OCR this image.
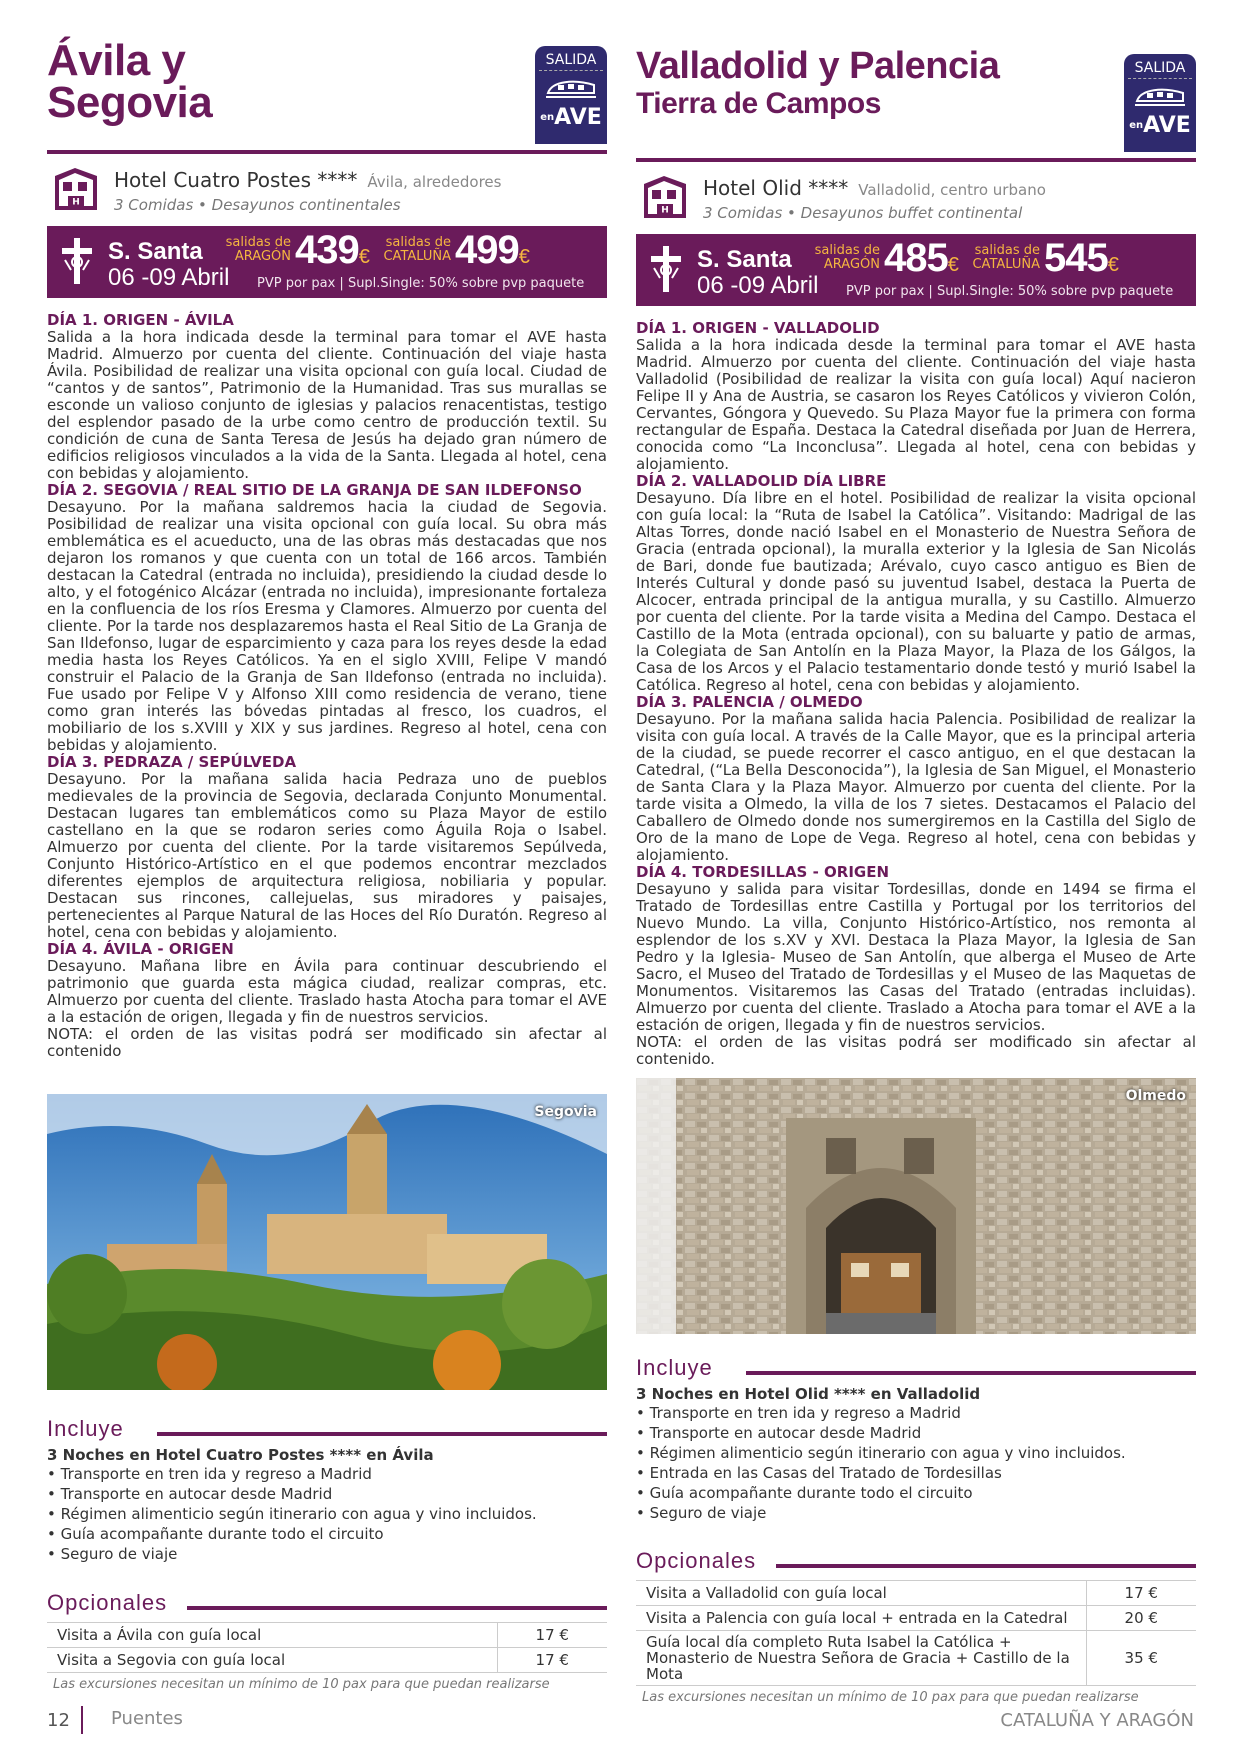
Ávila y
Segovia
SALIDA
$^{en}$AVE
H
Hotel Cuatro Postes **** Ávila, alrededores
3 Comidas • Desayunos continentales
S. Santa
06 -09 Abril
salidas de
ARAGÓN 439€
salidas de
CATALUÑA 499€
PVP por pax | Supl.Single: 50% sobre pvp paquete
DÍA 1. ORIGEN - ÁVILA
Salida a la hora indicada desde la terminal para tomar el AVE hasta Madrid. Almuerzo por cuenta del cliente. Continuación del viaje hasta Ávila. Posibilidad de realizar una visita opcional con guía local. Ciudad de “cantos y de santos”, Patrimonio de la Humanidad. Tras sus murallas se esconde un valioso conjunto de iglesias y palacios renacentistas, testigo del esplendor pasado de la urbe como centro de producción textil. Su condición de cuna de Santa Teresa de Jesús ha dejado gran número de edificios religiosos vinculados a la vida de la Santa. Llegada al hotel, cena con bebidas y alojamiento.
DÍA 2. SEGOVIA / REAL SITIO DE LA GRANJA DE SAN ILDEFONSO
Desayuno. Por la mañana saldremos hacia la ciudad de Segovia. Posibilidad de realizar una visita opcional con guía local. Su obra más emblemática es el acueducto, una de las obras más destacadas que nos dejaron los romanos y que cuenta con un total de 166 arcos. También destacan la Catedral (entrada no incluida), presidiendo la ciudad desde lo alto, y el fotogénico Alcázar (entrada no incluida), impresionante fortaleza en la confluencia de los ríos Eresma y Clamores. Almuerzo por cuenta del cliente. Por la tarde nos desplazaremos hasta el Real Sitio de La Granja de San Ildefonso, lugar de esparcimiento y caza para los reyes desde la edad media hasta los Reyes Católicos. Ya en el siglo XVIII, Felipe V mandó construir el Palacio de la Granja de San Ildefonso (entrada no incluida). Fue usado por Felipe V y Alfonso XIII como residencia de verano, tiene como gran interés las bóvedas pintadas al fresco, los cuadros, el mobiliario de los s.XVIII y XIX y sus jardines. Regreso al hotel, cena con bebidas y alojamiento.
DÍA 3. PEDRAZA / SEPÚLVEDA
Desayuno. Por la mañana salida hacia Pedraza uno de pueblos medievales de la provincia de Segovia, declarada Conjunto Monumental. Destacan lugares tan emblemáticos como su Plaza Mayor de estilo castellano en la que se rodaron series como Águila Roja o Isabel. Almuerzo por cuenta del cliente. Por la tarde visitaremos Sepúlveda, Conjunto Histórico-Artístico en el que podemos encontrar mezclados diferentes ejemplos de arquitectura religiosa, nobiliaria y popular. Destacan sus rincones, callejuelas, sus miradores y paisajes, pertenecientes al Parque Natural de las Hoces del Río Duratón. Regreso al hotel, cena con bebidas y alojamiento.
DÍA 4. ÁVILA - ORIGEN
Desayuno. Mañana libre en Ávila para continuar descubriendo el patrimonio que guarda esta mágica ciudad, realizar compras, etc. Almuerzo por cuenta del cliente. Traslado hasta Atocha para tomar el AVE a la estación de origen, llegada y fin de nuestros servicios.
NOTA: el orden de las visitas podrá ser modificado sin afectar al contenido
Segovia
Incluye
3 Noches en Hotel Cuatro Postes **** en Ávila
• Transporte en tren ida y regreso a Madrid
• Transporte en autocar desde Madrid
• Régimen alimenticio según itinerario con agua y vino incluidos.
• Guía acompañante durante todo el circuito
• Seguro de viaje
Opcionales
Visita a Ávila con guía local	17 €
Visita a Segovia con guía local	17 €
Las excursiones necesitan un mínimo de 10 pax para que puedan realizarse
Valladolid y Palencia
Tierra de Campos
SALIDA
$^{en}$AVE
H
Hotel Olid **** Valladolid, centro urbano
3 Comidas • Desayunos buffet continental
S. Santa
06 -09 Abril
salidas de
ARAGÓN 485€
salidas de
CATALUÑA 545€
PVP por pax | Supl.Single: 50% sobre pvp paquete
DÍA 1. ORIGEN - VALLADOLID
Salida a la hora indicada desde la terminal para tomar el AVE hasta Madrid. Almuerzo por cuenta del cliente. Continuación del viaje hasta Valladolid (Posibilidad de realizar la visita con guía local) Aquí nacieron Felipe II y Ana de Austria, se casaron los Reyes Católicos y vivieron Colón, Cervantes, Góngora y Quevedo. Su Plaza Mayor fue la primera con forma rectangular de España. Destaca la Catedral diseñada por Juan de Herrera, conocida como “La Inconclusa”. Llegada al hotel, cena con bebidas y alojamiento.
DÍA 2. VALLADOLID DÍA LIBRE
Desayuno. Día libre en el hotel. Posibilidad de realizar la visita opcional con guía local: la “Ruta de Isabel la Católica”. Visitando: Madrigal de las Altas Torres, donde nació Isabel en el Monasterio de Nuestra Señora de Gracia (entrada opcional), la muralla exterior y la Iglesia de San Nicolás de Bari, donde fue bautizada; Arévalo, cuyo casco antiguo es Bien de Interés Cultural y donde pasó su juventud Isabel, destaca la Puerta de Alcocer, entrada principal de la antigua muralla, y su Castillo. Almuerzo por cuenta del cliente. Por la tarde visita a Medina del Campo. Destaca el Castillo de la Mota (entrada opcional), con su baluarte y patio de armas, la Colegiata de San Antolín en la Plaza Mayor, la Plaza de los Gálgos, la Casa de los Arcos y el Palacio testamentario donde testó y murió Isabel la Católica. Regreso al hotel, cena con bebidas y alojamiento.
DÍA 3. PALENCIA / OLMEDO
Desayuno. Por la mañana salida hacia Palencia. Posibilidad de realizar la visita con guía local. A través de la Calle Mayor, que es la principal arteria de la ciudad, se puede recorrer el casco antiguo, en el que destacan la Catedral, (“La Bella Desconocida”), la Iglesia de San Miguel, el Monasterio de Santa Clara y la Plaza Mayor. Almuerzo por cuenta del cliente. Por la tarde visita a Olmedo, la villa de los 7 sietes. Destacamos el Palacio del Caballero de Olmedo donde nos sumergiremos en la Castilla del Siglo de Oro de la mano de Lope de Vega. Regreso al hotel, cena con bebidas y alojamiento.
DÍA 4. TORDESILLAS - ORIGEN
Desayuno y salida para visitar Tordesillas, donde en 1494 se firma el Tratado de Tordesillas entre Castilla y Portugal por los territorios del Nuevo Mundo. La villa, Conjunto Histórico-Artístico, nos remonta al esplendor de los s.XV y XVI. Destaca la Plaza Mayor, la Iglesia de San Pedro y la Iglesia- Museo de San Antolín, que alberga el Museo de Arte Sacro, el Museo del Tratado de Tordesillas y el Museo de las Maquetas de Monumentos. Visitaremos las Casas del Tratado (entradas incluidas). Almuerzo por cuenta del cliente. Traslado a Atocha para tomar el AVE a la estación de origen, llegada y fin de nuestros servicios.
NOTA: el orden de las visitas podrá ser modificado sin afectar al contenido.
Olmedo
Incluye
3 Noches en Hotel Olid **** en Valladolid
• Transporte en tren ida y regreso a Madrid
• Transporte en autocar desde Madrid
• Régimen alimenticio según itinerario con agua y vino incluidos.
• Entrada en las Casas del Tratado de Tordesillas
• Guía acompañante durante todo el circuito
• Seguro de viaje
Opcionales
Visita a Valladolid con guía local	17 €
Visita a Palencia con guía local + entrada en la Catedral	20 €
Guía local día completo Ruta Isabel la Católica + Monasterio de Nuestra Señora de Gracia + Castillo de la Mota	35 €
Las excursiones necesitan un mínimo de 10 pax para que puedan realizarse
12 Puentes	CATALUÑA Y ARAGÓN
